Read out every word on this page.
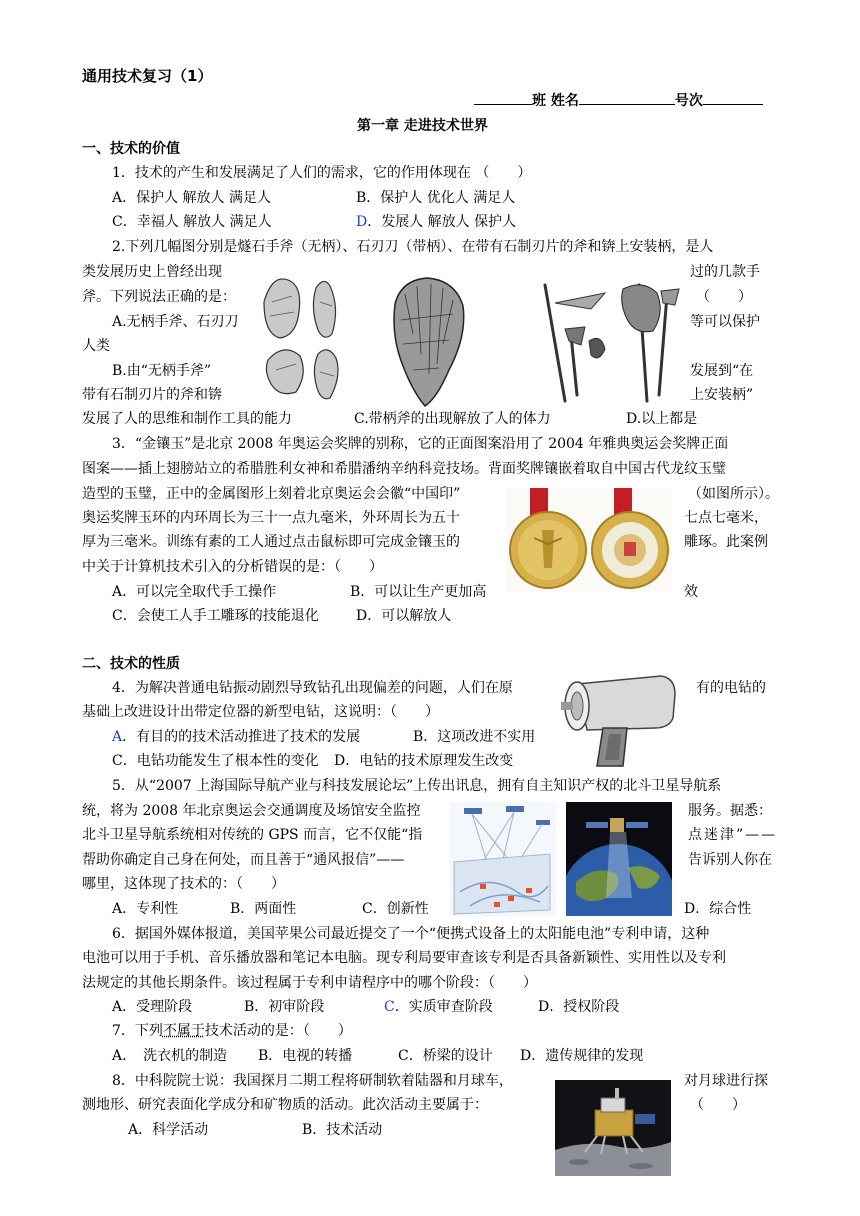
通用技术复习（1）
班 姓名	号次
第一章 走进技术世界
一、技术的价值
1．技术的产生和发展满足了人们的需求，它的作用体现在 （　　）
A．保护人 解放人 满足人	B．保护人 优化人 满足人
C．幸福人 解放人 满足人	D．发展人 解放人 保护人
2.下列几幅图分别是燧石手斧（无柄）、石刃刀（带柄）、在带有石制刃片的斧和锛上安装柄，是人
类发展历史上曾经出现	过的几款手
斧。下列说法正确的是：	（　　）
A.无柄手斧、石刃刀	等可以保护
人类
B.由“无柄手斧”	发展到“在
带有石制刃片的斧和锛	上安装柄”
发展了人的思维和制作工具的能力	C.带柄斧的出现解放了人的体力	D.以上都是
3．“金镶玉”是北京 2008 年奥运会奖牌的别称，它的正面图案沿用了 2004 年雅典奥运会奖牌正面
图案——插上翅膀站立的希腊胜利女神和希腊潘纳辛纳科竞技场。背面奖牌镶嵌着取自中国古代龙纹玉璧
造型的玉璧，正中的金属图形上刻着北京奥运会会徽“中国印”	（如图所示）。
奥运奖牌玉环的内环周长为三十一点九毫米，外环周长为五十	七点七毫米，
厚为三毫米。训练有素的工人通过点击鼠标即可完成金镶玉的	雕琢。此案例
中关于计算机技术引入的分析错误的是：（　　）
A．可以完全取代手工操作	B．可以让生产更加高	效
C．会使工人手工雕琢的技能退化	D．可以解放人
二、技术的性质
4．为解决普通电钻振动剧烈导致钻孔出现偏差的问题，人们在原	有的电钻的
基础上改进设计出带定位器的新型电钻，这说明：（　　）
A．有目的的技术活动推进了技术的发展	B．这项改进不实用
C．电钻功能发生了根本性的变化 D．电钻的技术原理发生改变
5．从“2007 上海国际导航产业与科技发展论坛”上传出讯息，拥有自主知识产权的北斗卫星导航系
统，将为 2008 年北京奥运会交通调度及场馆安全监控	服务。据悉：
北斗卫星导航系统相对传统的 GPS 而言，它不仅能“指	点迷津”——
帮助你确定自己身在何处，而且善于“通风报信”——	告诉别人你在
哪里，这体现了技术的：（　　）
A．专利性	B．两面性	C．创新性	D．综合性
6．据国外媒体报道，美国苹果公司最近提交了一个“便携式设备上的太阳能电池”专利申请，这种
电池可以用于手机、音乐播放器和笔记本电脑。现专利局要审查该专利是否具备新颖性、实用性以及专利
法规定的其他长期条件。该过程属于专利申请程序中的哪个阶段：（　　）
A．受理阶段	B．初审阶段	C．实质审查阶段	D．授权阶段
7．下列不属于技术活动的是：（　　）
A．　洗衣机的制造 B．电视的转播	C．桥梁的设计 D．遗传规律的发现
8．中科院院士说：我国探月二期工程将研制软着陆器和月球车，	对月球进行探
测地形、研究表面化学成分和矿物质的活动。此次活动主要属于：	（　　）
A．科学活动	B．技术活动
